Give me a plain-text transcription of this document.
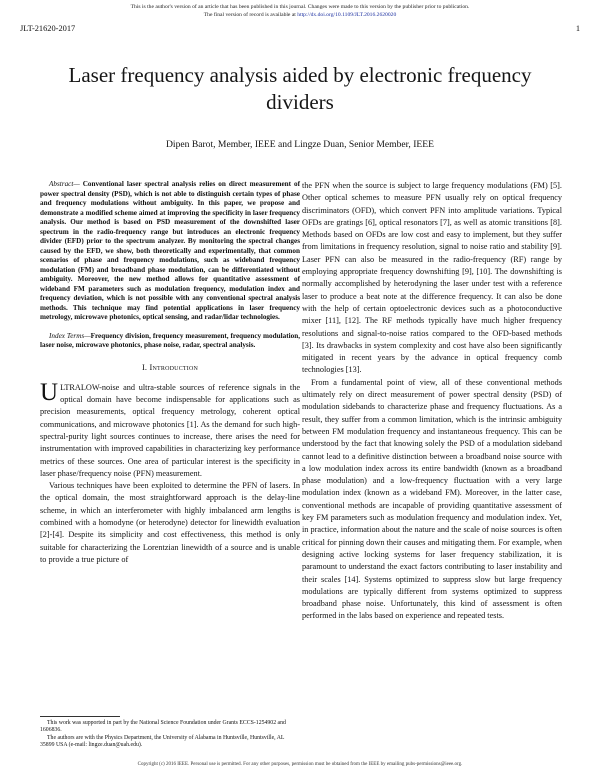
This is the author's version of an article that has been published in this journal. Changes were made to this version by the publisher prior to publication.
The final version of record is available at http://dx.doi.org/10.1109/JLT.2016.2620020
JLT-21620-2017	1
Laser frequency analysis aided by electronic frequency dividers
Dipen Barot, Member, IEEE and Lingze Duan, Senior Member, IEEE

Abstract— Conventional laser spectral analysis relies on direct measurement of power spectral density (PSD), which is not able to distinguish certain types of phase and frequency modulations without ambiguity. In this paper, we propose and demonstrate a modified scheme aimed at improving the specificity in laser frequency analysis. Our method is based on PSD measurement of the downshifted laser spectrum in the radio-frequency range but introduces an electronic frequency divider (EFD) prior to the spectrum analyzer. By monitoring the spectral changes caused by the EFD, we show, both theoretically and experimentally, that common scenarios of phase and frequency modulations, such as wideband frequency modulation (FM) and broadband phase modulation, can be differentiated without ambiguity. Moreover, the new method allows for quantitative assessment of wideband FM parameters such as modulation frequency, modulation index and frequency deviation, which is not possible with any conventional spectral analysis methods. This technique may find potential applications in laser frequency metrology, microwave photonics, optical sensing, and radar/lidar technologies.

Index Terms—Frequency division, frequency measurement, frequency modulation, laser noise, microwave photonics, phase noise, radar, spectral analysis.

I. Introduction

ULTRALOW-noise and ultra-stable sources of reference signals in the optical domain have become indispensable for applications such as precision measurements, optical frequency metrology, coherent optical communications, and microwave photonics [1]. As the demand for such high-spectral-purity light sources continues to increase, there arises the need for instrumentation with improved capabilities in characterizing key performance metrics of these sources. One area of particular interest is the specificity in laser phase/frequency noise (PFN) measurement.

Various techniques have been exploited to determine the PFN of lasers. In the optical domain, the most straightforward approach is the delay-line scheme, in which an interferometer with highly imbalanced arm lengths is combined with a homodyne (or heterodyne) detector for linewidth evaluation [2]-[4]. Despite its simplicity and cost effectiveness, this method is only suitable for characterizing the Lorentzian linewidth of a source and is unable to provide a true picture of

the PFN when the source is subject to large frequency modulations (FM) [5]. Other optical schemes to measure PFN usually rely on optical frequency discriminators (OFD), which convert PFN into amplitude variations. Typical OFDs are gratings [6], optical resonators [7], as well as atomic transitions [8]. Methods based on OFDs are low cost and easy to implement, but they suffer from limitations in frequency resolution, signal to noise ratio and stability [9]. Laser PFN can also be measured in the radio-frequency (RF) range by employing appropriate frequency downshifting [9], [10]. The downshifting is normally accomplished by heterodyning the laser under test with a reference laser to produce a beat note at the difference frequency. It can also be done with the help of certain optoelectronic devices such as a photoconductive mixer [11], [12]. The RF methods typically have much higher frequency resolutions and signal-to-noise ratios compared to the OFD-based methods [3]. Its drawbacks in system complexity and cost have also been significantly mitigated in recent years by the advance in optical frequency comb technologies [13].

From a fundamental point of view, all of these conventional methods ultimately rely on direct measurement of power spectral density (PSD) of modulation sidebands to characterize phase and frequency fluctuations. As a result, they suffer from a common limitation, which is the intrinsic ambiguity between FM modulation frequency and instantaneous frequency. This can be understood by the fact that knowing solely the PSD of a modulation sideband cannot lead to a definitive distinction between a broadband noise source with a low modulation index across its entire bandwidth (known as a broadband phase modulation) and a low-frequency fluctuation with a very large modulation index (known as a wideband FM). Moreover, in the latter case, conventional methods are incapable of providing quantitative assessment of key FM parameters such as modulation frequency and modulation index. Yet, in practice, information about the nature and the scale of noise sources is often critical for pinning down their causes and mitigating them. For example, when designing active locking systems for laser frequency stabilization, it is paramount to understand the exact factors contributing to laser instability and their scales [14]. Systems optimized to suppress slow but large frequency modulations are typically different from systems optimized to suppress broadband phase noise. Unfortunately, this kind of assessment is often performed in the labs based on experience and repeated tests.

This work was supported in part by the National Science Foundation under Grants ECCS-1254902 and 1606836.

The authors are with the Physics Department, the University of Alabama in Huntsville, Huntsville, AL 35899 USA (e-mail: lingze.duan@uah.edu).

Copyright (c) 2016 IEEE. Personal use is permitted. For any other purposes, permission must be obtained from the IEEE by emailing pubs-permissions@ieee.org.
